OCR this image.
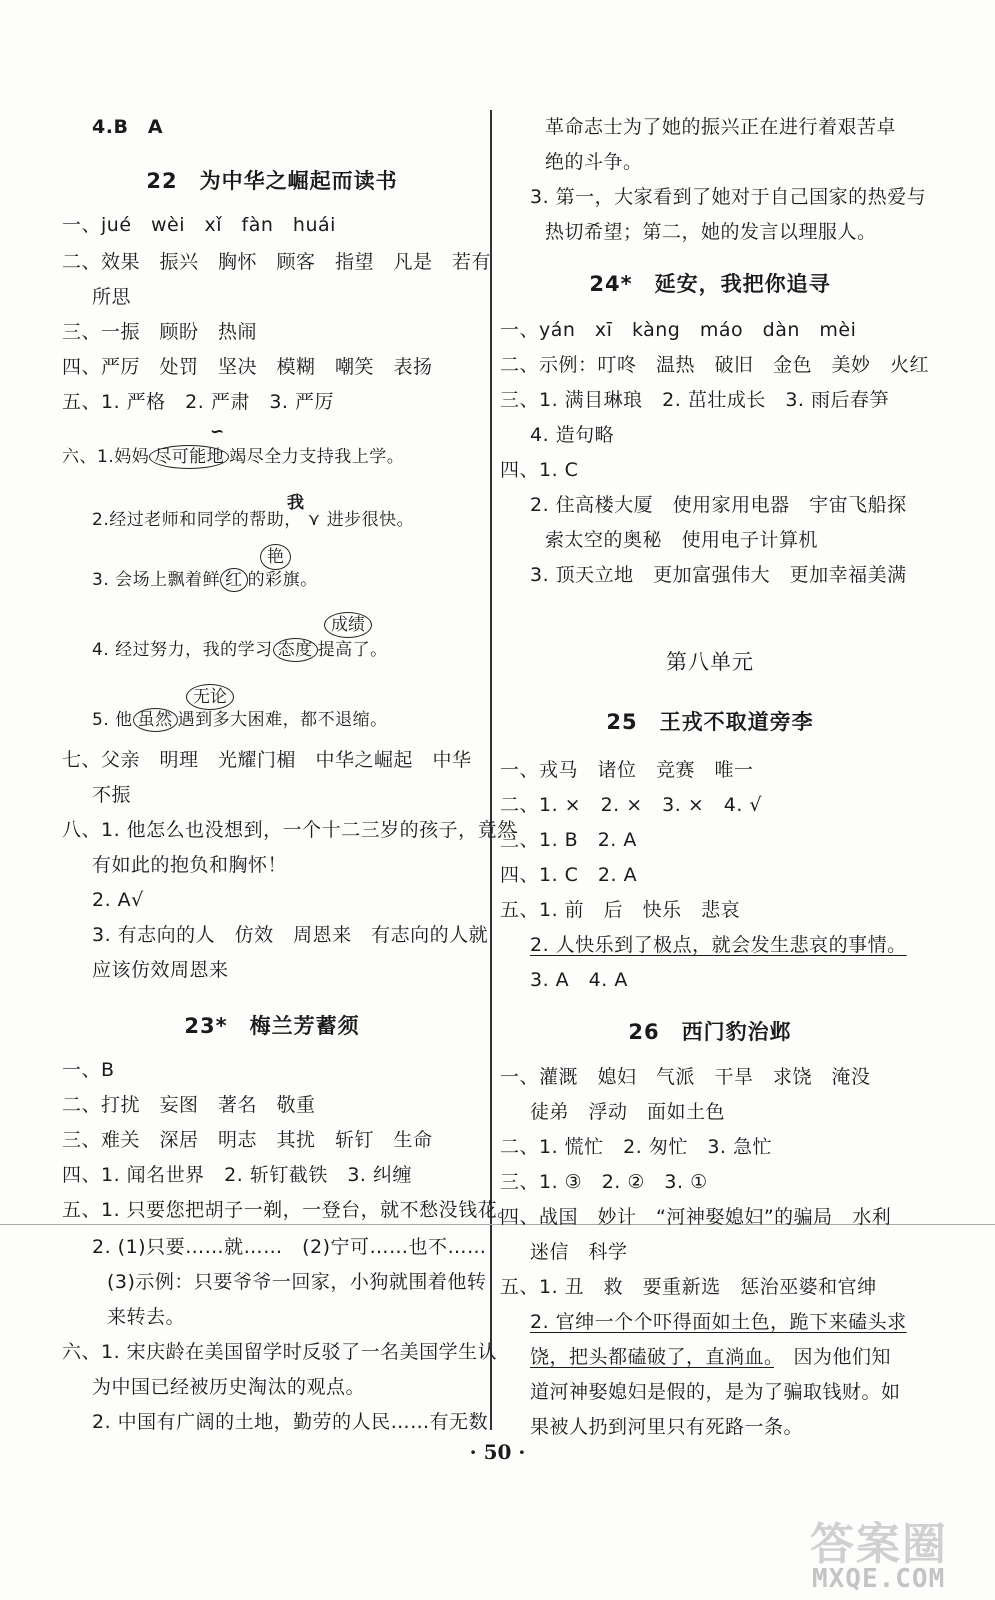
4.B　A
22　为中华之崛起而读书
一、jué　wèi　xǐ　fàn　huái
二、效果　振兴　胸怀　顾客　指望　凡是　若有
所思
三、一振　顾盼　热闹
四、严厉　处罚　坚决　模糊　嘲笑　表扬
五、1. 严格　2. 严肃　3. 严厉
六、1.妈妈 尽可能地 竭尽全力支持我上学。
∽
我
2.经过老师和同学的帮助， ⋎ 进步很快。
艳
3. 会场上飘着鲜 红 的彩旗。
成绩
4. 经过努力，我的学习 态度 提高了。
无论
5. 他 虽然 遇到多大困难，都不退缩。
七、父亲　明理　光耀门楣　中华之崛起　中华
不振
八、1. 他怎么也没想到，一个十二三岁的孩子，竟然
有如此的抱负和胸怀！
2. A√
3. 有志向的人　仿效　周恩来　有志向的人就
应该仿效周恩来
23*　梅兰芳蓄须
一、B
二、打扰　妄图　著名　敬重
三、难关　深居　明志　其扰　斩钉　生命
四、1. 闻名世界　2. 斩钉截铁　3. 纠缠
五、1. 只要您把胡子一剃，一登台，就不愁没钱花。
2. (1)只要……就……　(2)宁可……也不……
(3)示例：只要爷爷一回家，小狗就围着他转
来转去。
六、1. 宋庆龄在美国留学时反驳了一名美国学生认
为中国已经被历史淘汰的观点。
2. 中国有广阔的土地，勤劳的人民……有无数
革命志士为了她的振兴正在进行着艰苦卓
绝的斗争。
3. 第一，大家看到了她对于自己国家的热爱与
热切希望；第二，她的发言以理服人。
24*　延安，我把你追寻
一、yán　xī　kàng　máo　dàn　mèi
二、示例：叮咚　温热　破旧　金色　美妙　火红
三、1. 满目琳琅　2. 茁壮成长　3. 雨后春笋
4. 造句略
四、1. C
2. 住高楼大厦　使用家用电器　宇宙飞船探
索太空的奥秘　使用电子计算机
3. 顶天立地　更加富强伟大　更加幸福美满
第八单元
25　王戎不取道旁李
一、戎马　诸位　竞赛　唯一
二、1. ×　2. ×　3. ×　4. √
三、1. B　2. A
四、1. C　2. A
五、1. 前　后　快乐　悲哀
2. 人快乐到了极点，就会发生悲哀的事情。
3. A　4. A
26　西门豹治邺
一、灌溉　媳妇　气派　干旱　求饶　淹没
徒弟　浮动　面如土色
二、1. 慌忙　2. 匆忙　3. 急忙
三、1. ③　2. ②　3. ①
四、战国　妙计　“河神娶媳妇”的骗局　水利
迷信　科学
五、1. 丑　救　要重新选　惩治巫婆和官绅
2. 官绅一个个吓得面如土色，跪下来磕头求
饶，把头都磕破了，直淌血。　因为他们知
道河神娶媳妇是假的，是为了骗取钱财。如
果被人扔到河里只有死路一条。
· 50 ·
答案圈
MXQE.COM
